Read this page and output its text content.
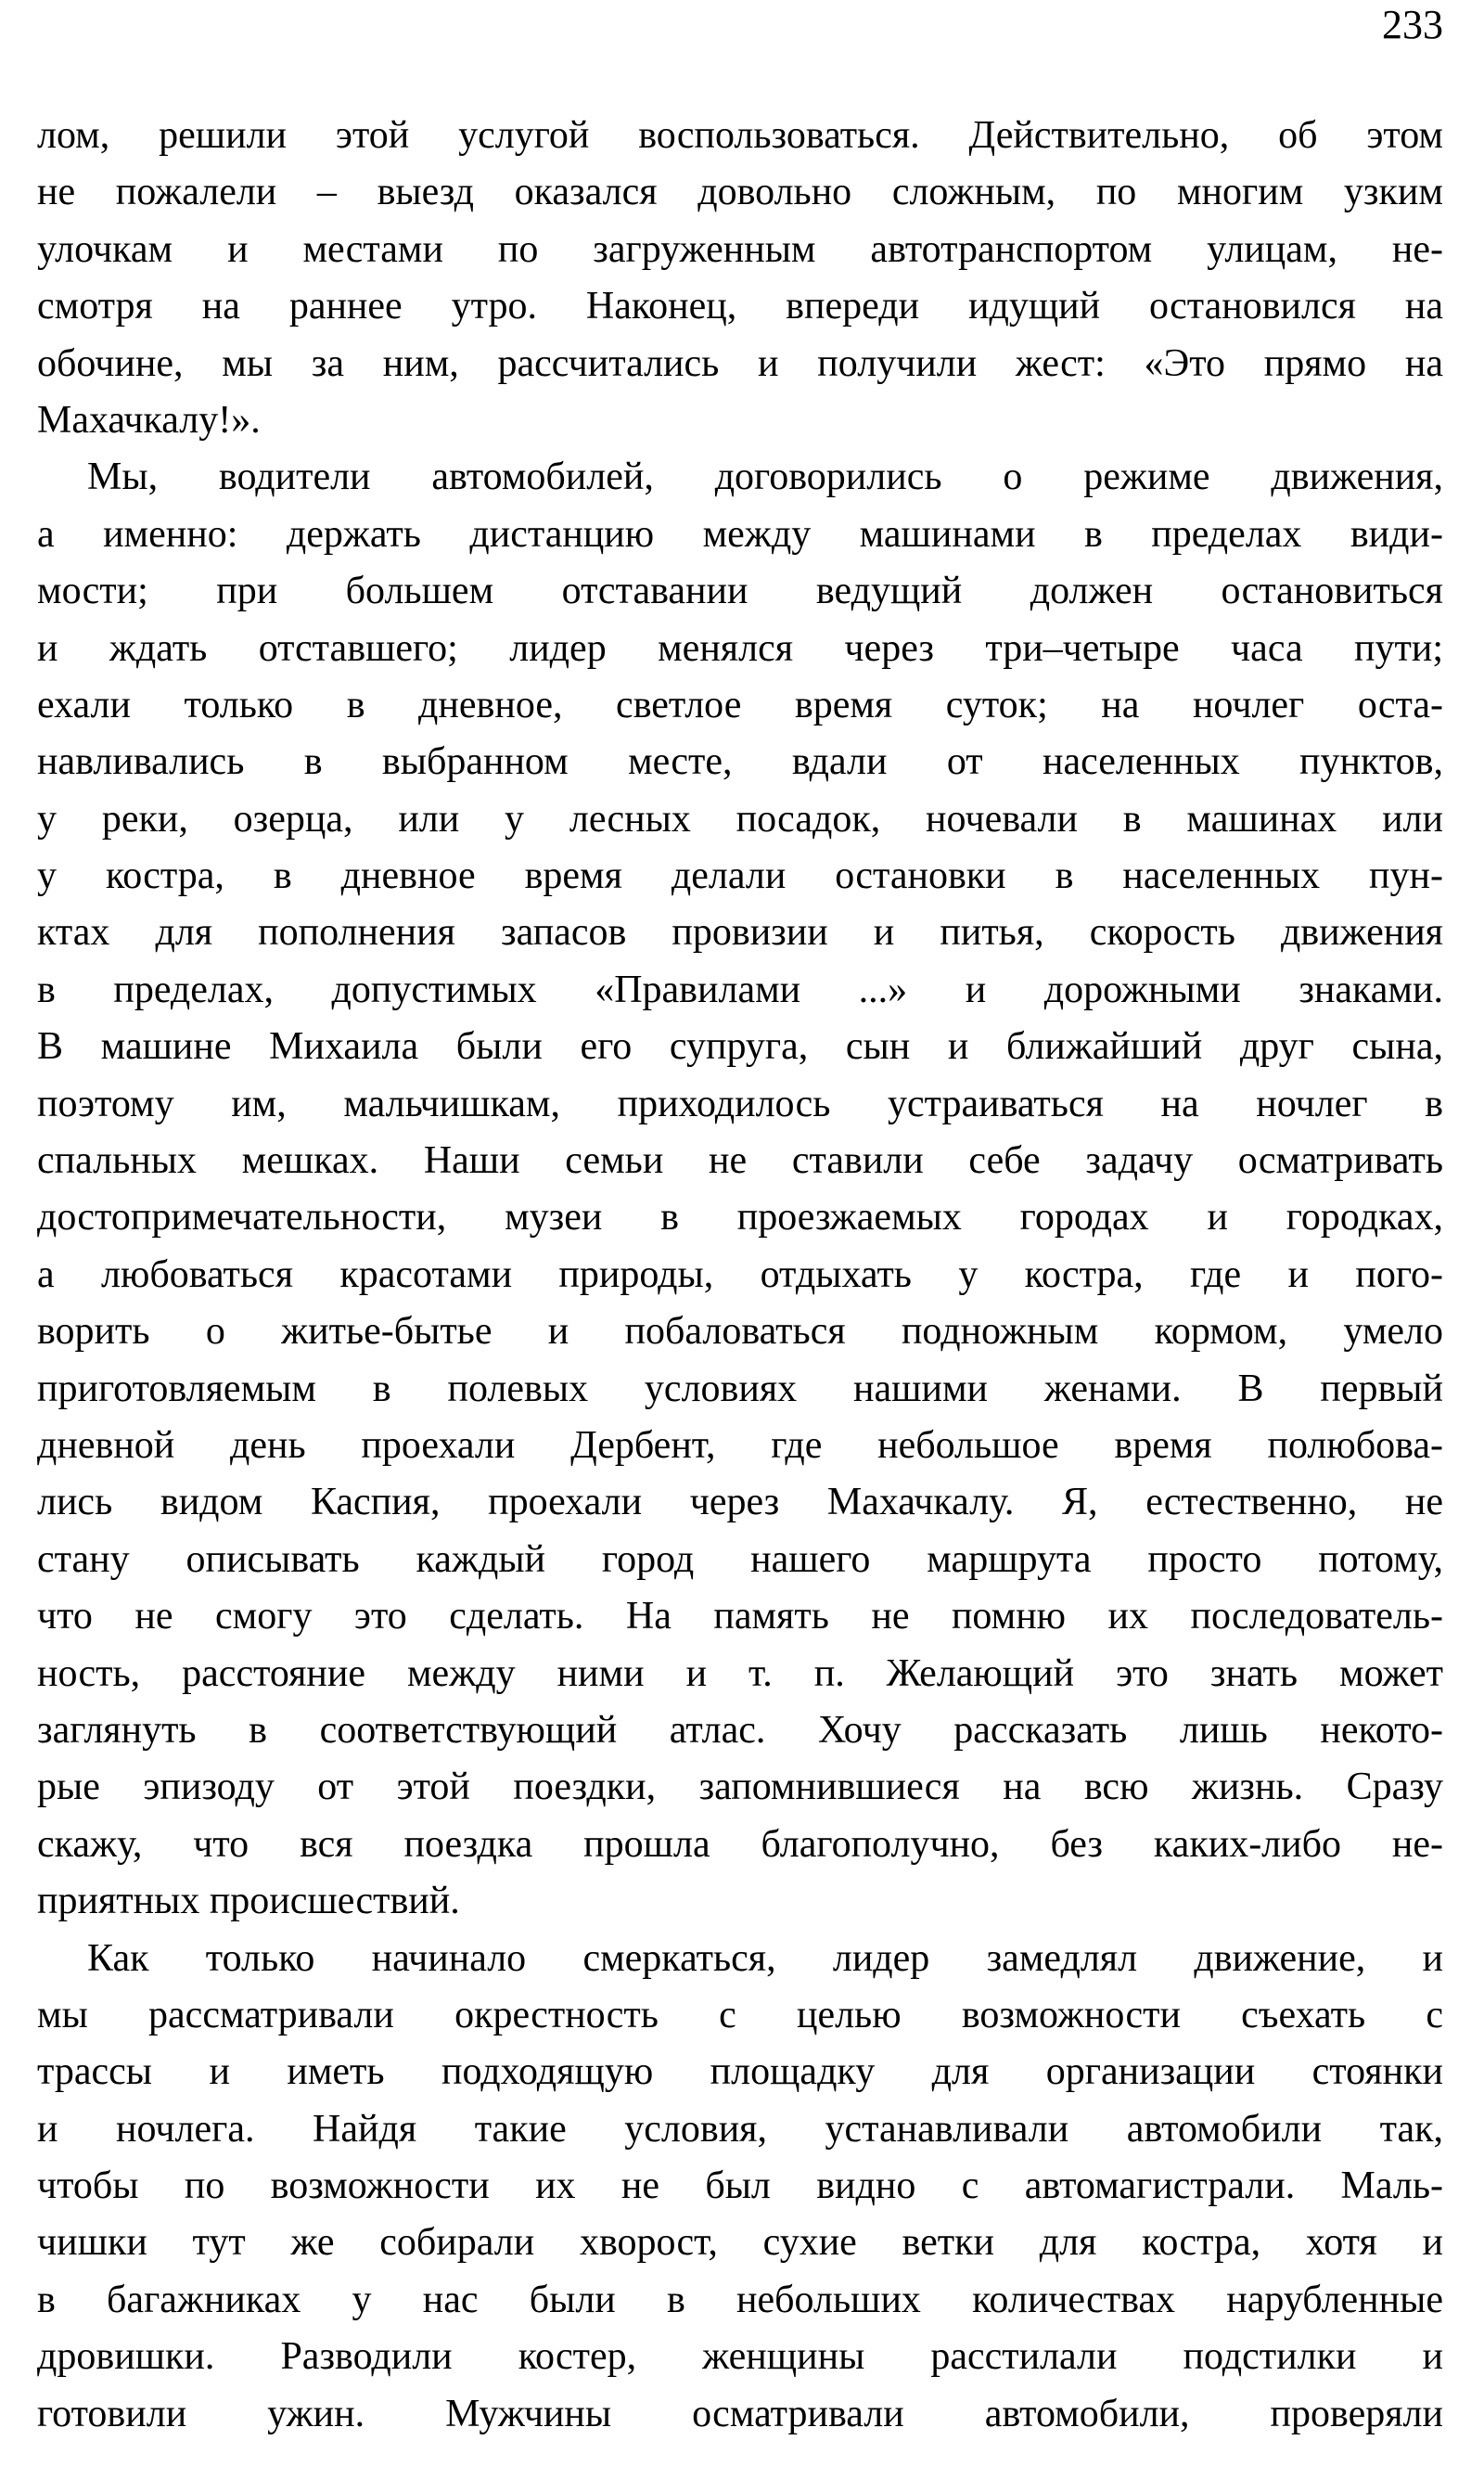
233
лом, решили этой услугой воспользоваться. Действительно, об этом
не пожалели – выезд оказался довольно сложным, по многим узким
улочкам и местами по загруженным автотранспортом улицам, не-
смотря на раннее утро. Наконец, впереди идущий остановился на
обочине, мы за ним, рассчитались и получили жест: «Это прямо на
Махачкалу!».
Мы, водители автомобилей, договорились о режиме движения,
а именно: держать дистанцию между машинами в пределах види-
мости; при большем отставании ведущий должен остановиться
и ждать отставшего; лидер менялся через три–четыре часа пути;
ехали только в дневное, светлое время суток; на ночлег оста-
навливались в выбранном месте, вдали от населенных пунктов,
у реки, озерца, или у лесных посадок, ночевали в машинах или
у костра, в дневное время делали остановки в населенных пун-
ктах для пополнения запасов провизии и питья, скорость движения
в пределах, допустимых «Правилами ...» и дорожными знаками.
В машине Михаила были его супруга, сын и ближайший друг сына,
поэтому им, мальчишкам, приходилось устраиваться на ночлег в
спальных мешках. Наши семьи не ставили себе задачу осматривать
достопримечательности, музеи в проезжаемых городах и городках,
а любоваться красотами природы, отдыхать у костра, где и пого-
ворить о житье-бытье и побаловаться подножным кормом, умело
приготовляемым в полевых условиях нашими женами. В первый
дневной день проехали Дербент, где небольшое время полюбова-
лись видом Каспия, проехали через Махачкалу. Я, естественно, не
стану описывать каждый город нашего маршрута просто потому,
что не смогу это сделать. На память не помню их последователь-
ность, расстояние между ними и т. п. Желающий это знать может
заглянуть в соответствующий атлас. Хочу рассказать лишь некото-
рые эпизоду от этой поездки, запомнившиеся на всю жизнь. Сразу
скажу, что вся поездка прошла благополучно, без каких-либо не-
приятных происшествий.
Как только начинало смеркаться, лидер замедлял движение, и
мы рассматривали окрестность с целью возможности съехать с
трассы и иметь подходящую площадку для организации стоянки
и ночлега. Найдя такие условия, устанавливали автомобили так,
чтобы по возможности их не был видно с автомагистрали. Маль-
чишки тут же собирали хворост, сухие ветки для костра, хотя и
в багажниках у нас были в небольших количествах нарубленные
дровишки. Разводили костер, женщины расстилали подстилки и
готовили ужин. Мужчины осматривали автомобили, проверяли
